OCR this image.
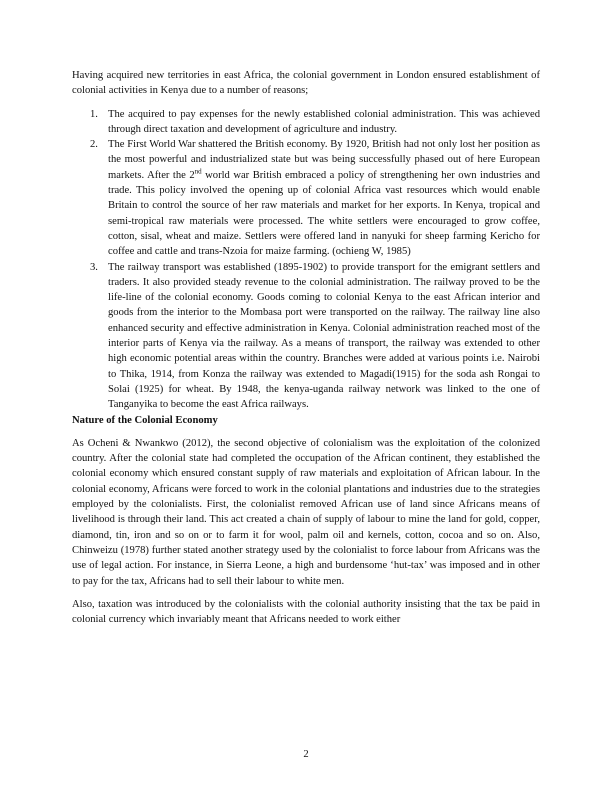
Having acquired new territories in east Africa, the colonial government in London ensured establishment of colonial activities in Kenya due to a number of reasons;

1. The acquired to pay expenses for the newly established colonial administration. This was achieved through direct taxation and development of agriculture and industry.
2. The First World War shattered the British economy. By 1920, British had not only lost her position as the most powerful and industrialized state but was being successfully phased out of here European markets. After the 2nd world war British embraced a policy of strengthening her own industries and trade. This policy involved the opening up of colonial Africa vast resources which would enable Britain to control the source of her raw materials and market for her exports. In Kenya, tropical and semi-tropical raw materials were processed. The white settlers were encouraged to grow coffee, cotton, sisal, wheat and maize. Settlers were offered land in nanyuki for sheep farming Kericho for coffee and cattle and trans-Nzoia for maize farming. (ochieng W, 1985)
3. The railway transport was established (1895-1902) to provide transport for the emigrant settlers and traders. It also provided steady revenue to the colonial administration. The railway proved to be the life-line of the colonial economy. Goods coming to colonial Kenya to the east African interior and goods from the interior to the Mombasa port were transported on the railway. The railway line also enhanced security and effective administration in Kenya. Colonial administration reached most of the interior parts of Kenya via the railway. As a means of transport, the railway was extended to other high economic potential areas within the country. Branches were added at various points i.e. Nairobi to Thika, 1914, from Konza the railway was extended to Magadi(1915) for the soda ash Rongai to Solai (1925) for wheat. By 1948, the kenya-uganda railway network was linked to the one of Tanganyika to become the east Africa railways.
Nature of the Colonial Economy

As Ocheni & Nwankwo (2012), the second objective of colonialism was the exploitation of the colonized country. After the colonial state had completed the occupation of the African continent, they established the colonial economy which ensured constant supply of raw materials and exploitation of African labour. In the colonial economy, Africans were forced to work in the colonial plantations and industries due to the strategies employed by the colonialists. First, the colonialist removed African use of land since Africans means of livelihood is through their land. This act created a chain of supply of labour to mine the land for gold, copper, diamond, tin, iron and so on or to farm it for wool, palm oil and kernels, cotton, cocoa and so on. Also, Chinweizu (1978) further stated another strategy used by the colonialist to force labour from Africans was the use of legal action. For instance, in Sierra Leone, a high and burdensome ‘hut-tax’ was imposed and in other to pay for the tax, Africans had to sell their labour to white men.

Also, taxation was introduced by the colonialists with the colonial authority insisting that the tax be paid in colonial currency which invariably meant that Africans needed to work either

2
